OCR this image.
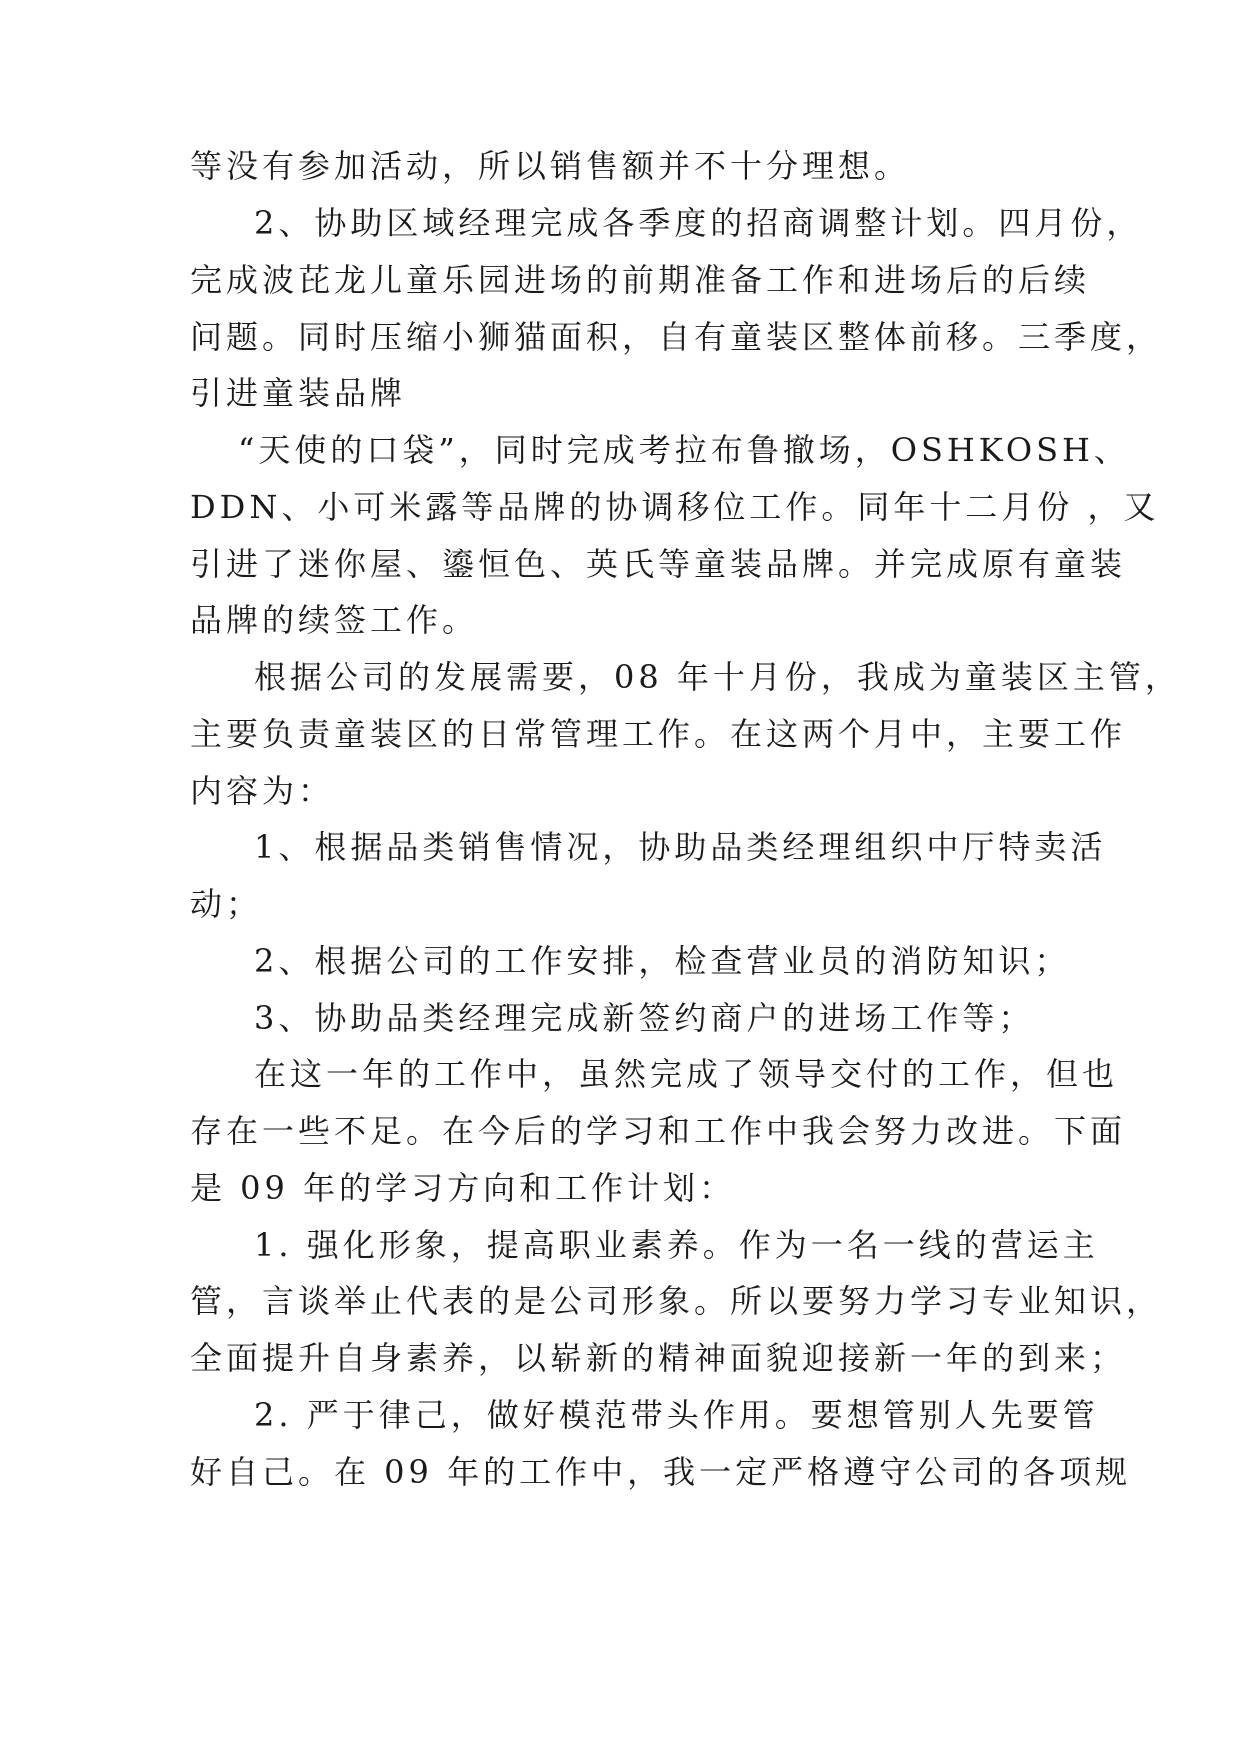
等没有参加活动，所以销售额并不十分理想。
2、协助区域经理完成各季度的招商调整计划。四月份，
完成波芘龙儿童乐园进场的前期准备工作和进场后的后续
问题。同时压缩小狮猫面积，自有童装区整体前移。三季度，
引进童装品牌
“天使的口袋”，同时完成考拉布鲁撤场，OSHKOSH、
DDN、小可米露等品牌的协调移位工作。同年十二月份 ，又
引进了迷你屋、鎏恒色、英氏等童装品牌。并完成原有童装
品牌的续签工作。
根据公司的发展需要，08 年十月份，我成为童装区主管，
主要负责童装区的日常管理工作。在这两个月中，主要工作
内容为：
1、根据品类销售情况，协助品类经理组织中厅特卖活
动；
2、根据公司的工作安排，检查营业员的消防知识；
3、协助品类经理完成新签约商户的进场工作等；
在这一年的工作中，虽然完成了领导交付的工作，但也
存在一些不足。在今后的学习和工作中我会努力改进。下面
是 09 年的学习方向和工作计划：
1. 强化形象，提高职业素养。作为一名一线的营运主
管，言谈举止代表的是公司形象。所以要努力学习专业知识，
全面提升自身素养，以崭新的精神面貌迎接新一年的到来；
2. 严于律己，做好模范带头作用。要想管别人先要管
好自己。在 09 年的工作中，我一定严格遵守公司的各项规
